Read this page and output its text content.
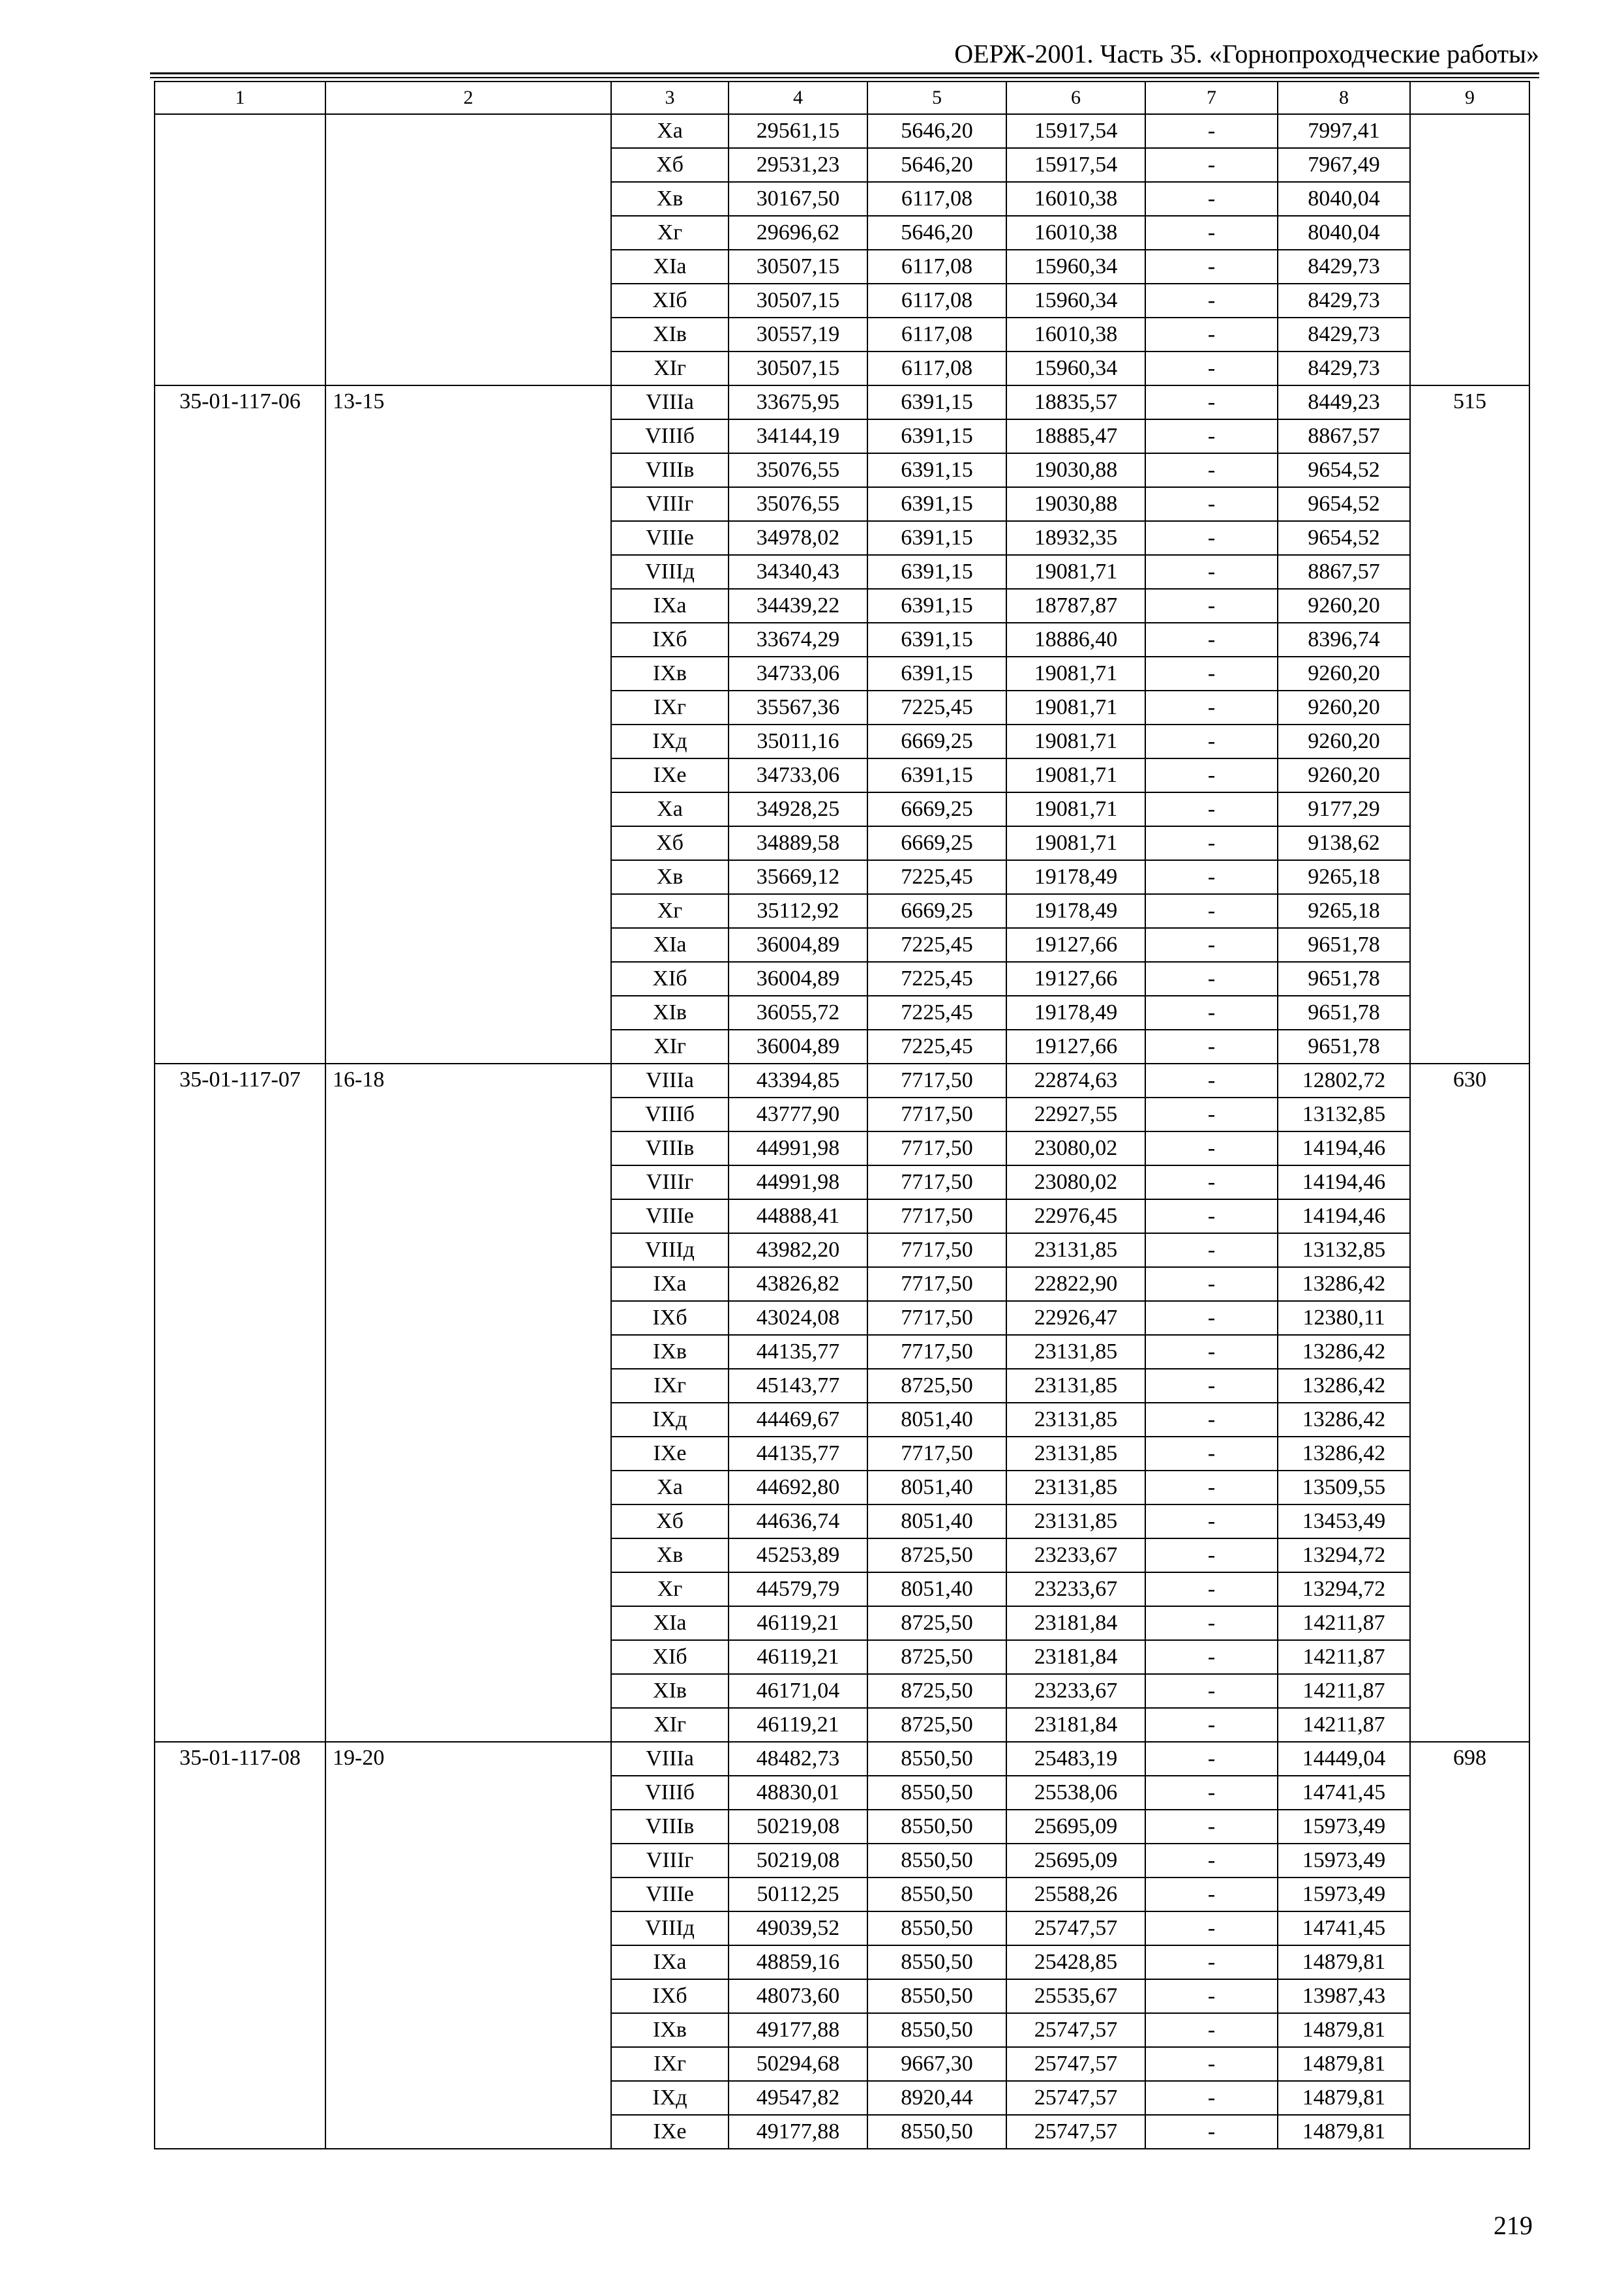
ОЕРЖ-2001. Часть 35. «Горнопроходческие работы»
1	2	3	4	5	6	7	8	9
		Xa	29561,15	5646,20	15917,54	-	7997,41	
		Xб	29531,23	5646,20	15917,54	-	7967,49	
		Xв	30167,50	6117,08	16010,38	-	8040,04	
		Xг	29696,62	5646,20	16010,38	-	8040,04	
		XIa	30507,15	6117,08	15960,34	-	8429,73	
		XIб	30507,15	6117,08	15960,34	-	8429,73	
		XIв	30557,19	6117,08	16010,38	-	8429,73	
		XIг	30507,15	6117,08	15960,34	-	8429,73	
35-01-117-06	13-15	VIIIa	33675,95	6391,15	18835,57	-	8449,23	515
		VIIIб	34144,19	6391,15	18885,47	-	8867,57	
		VIIIв	35076,55	6391,15	19030,88	-	9654,52	
		VIIIг	35076,55	6391,15	19030,88	-	9654,52	
		VIIIе	34978,02	6391,15	18932,35	-	9654,52	
		VIIIд	34340,43	6391,15	19081,71	-	8867,57	
		IXa	34439,22	6391,15	18787,87	-	9260,20	
		IXб	33674,29	6391,15	18886,40	-	8396,74	
		IXв	34733,06	6391,15	19081,71	-	9260,20	
		IXг	35567,36	7225,45	19081,71	-	9260,20	
		IXд	35011,16	6669,25	19081,71	-	9260,20	
		IXе	34733,06	6391,15	19081,71	-	9260,20	
		Xa	34928,25	6669,25	19081,71	-	9177,29	
		Xб	34889,58	6669,25	19081,71	-	9138,62	
		Xв	35669,12	7225,45	19178,49	-	9265,18	
		Xг	35112,92	6669,25	19178,49	-	9265,18	
		XIa	36004,89	7225,45	19127,66	-	9651,78	
		XIб	36004,89	7225,45	19127,66	-	9651,78	
		XIв	36055,72	7225,45	19178,49	-	9651,78	
		XIг	36004,89	7225,45	19127,66	-	9651,78	
35-01-117-07	16-18	VIIIa	43394,85	7717,50	22874,63	-	12802,72	630
		VIIIб	43777,90	7717,50	22927,55	-	13132,85	
		VIIIв	44991,98	7717,50	23080,02	-	14194,46	
		VIIIг	44991,98	7717,50	23080,02	-	14194,46	
		VIIIе	44888,41	7717,50	22976,45	-	14194,46	
		VIIIд	43982,20	7717,50	23131,85	-	13132,85	
		IXa	43826,82	7717,50	22822,90	-	13286,42	
		IXб	43024,08	7717,50	22926,47	-	12380,11	
		IXв	44135,77	7717,50	23131,85	-	13286,42	
		IXг	45143,77	8725,50	23131,85	-	13286,42	
		IXд	44469,67	8051,40	23131,85	-	13286,42	
		IXе	44135,77	7717,50	23131,85	-	13286,42	
		Xa	44692,80	8051,40	23131,85	-	13509,55	
		Xб	44636,74	8051,40	23131,85	-	13453,49	
		Xв	45253,89	8725,50	23233,67	-	13294,72	
		Xг	44579,79	8051,40	23233,67	-	13294,72	
		XIa	46119,21	8725,50	23181,84	-	14211,87	
		XIб	46119,21	8725,50	23181,84	-	14211,87	
		XIв	46171,04	8725,50	23233,67	-	14211,87	
		XIг	46119,21	8725,50	23181,84	-	14211,87	
35-01-117-08	19-20	VIIIa	48482,73	8550,50	25483,19	-	14449,04	698
		VIIIб	48830,01	8550,50	25538,06	-	14741,45	
		VIIIв	50219,08	8550,50	25695,09	-	15973,49	
		VIIIг	50219,08	8550,50	25695,09	-	15973,49	
		VIIIе	50112,25	8550,50	25588,26	-	15973,49	
		VIIIд	49039,52	8550,50	25747,57	-	14741,45	
		IXa	48859,16	8550,50	25428,85	-	14879,81	
		IXб	48073,60	8550,50	25535,67	-	13987,43	
		IXв	49177,88	8550,50	25747,57	-	14879,81	
		IXг	50294,68	9667,30	25747,57	-	14879,81	
		IXд	49547,82	8920,44	25747,57	-	14879,81	
		IXе	49177,88	8550,50	25747,57	-	14879,81	
219
